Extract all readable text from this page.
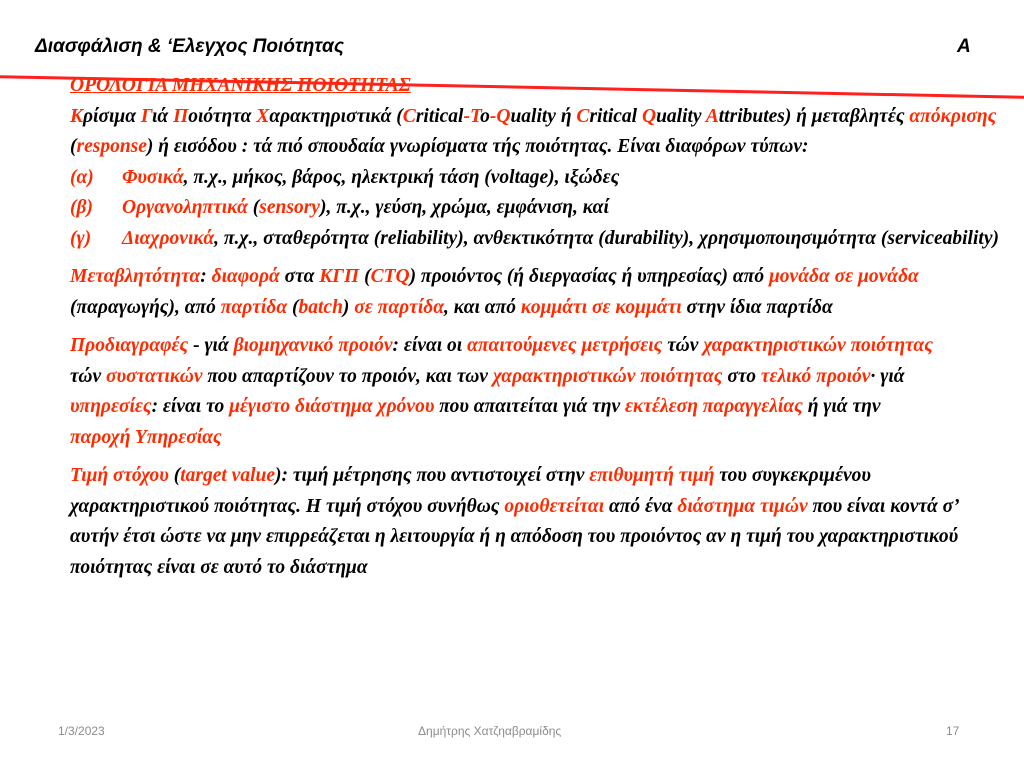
Διασφάλιση & ‘Ελεγχος Ποιότητας	Α

ΟΡΟΛΟΓΙΑ ΜΗΧΑΝΙΚΗΣ ΠΟΙΟΤΗΤΑΣ

Κρίσιμα Γιά Ποιότητα Χαρακτηριστικά (Critical-To-Quality ή Critical Quality Attributes) ή μεταβλητές απόκρισης (response) ή εισόδου : τά πιό σπουδαία γνωρίσματα τής ποιότητας. Είναι διαφόρων τύπων:

(α) Φυσικά, π.χ., μήκος, βάρος, ηλεκτρική τάση (voltage), ιξώδες

(β) Οργανοληπτικά (sensory), π.χ., γεύση, χρώμα, εμφάνιση, καί

(γ) Διαχρονικά, π.χ., σταθερότητα (reliability), ανθεκτικότητα (durability), χρησιμοποιησιμότητα (serviceability)

Μεταβλητότητα: διαφορά στα ΚΓΠ (CTQ) προιόντος (ή διεργασίας ή υπηρεσίας) από μονάδα σε μονάδα (παραγωγής), από παρτίδα (batch) σε παρτίδα, και από κομμάτι σε κομμάτι στην ίδια παρτίδα

Προδιαγραφές - γιά βιομηχανικό προιόν: είναι οι απαιτούμενες μετρήσεις τών χαρακτηριστικών ποιότητας τών συστατικών που απαρτίζουν το προιόν, και των χαρακτηριστικών ποιότητας στο τελικό προιόν· γιά υπηρεσίες: είναι το μέγιστο διάστημα χρόνου που απαιτείται γιά την εκτέλεση παραγγελίας ή γιά την παροχή Υπηρεσίας

Τιμή στόχου (target value): τιμή μέτρησης που αντιστοιχεί στην επιθυμητή τιμή του συγκεκριμένου χαρακτηριστικού ποιότητας. Η τιμή στόχου συνήθως οριοθετείται από ένα διάστημα τιμών που είναι κοντά σ’ αυτήν έτσι ώστε να μην επιρρεάζεται η λειτουργία ή η απόδοση του προιόντος αν η τιμή του χαρακτηριστικού ποιότητας είναι σε αυτό το διάστημα

1/3/2023	Δημήτρης Χατζηαβραμίδης	17
